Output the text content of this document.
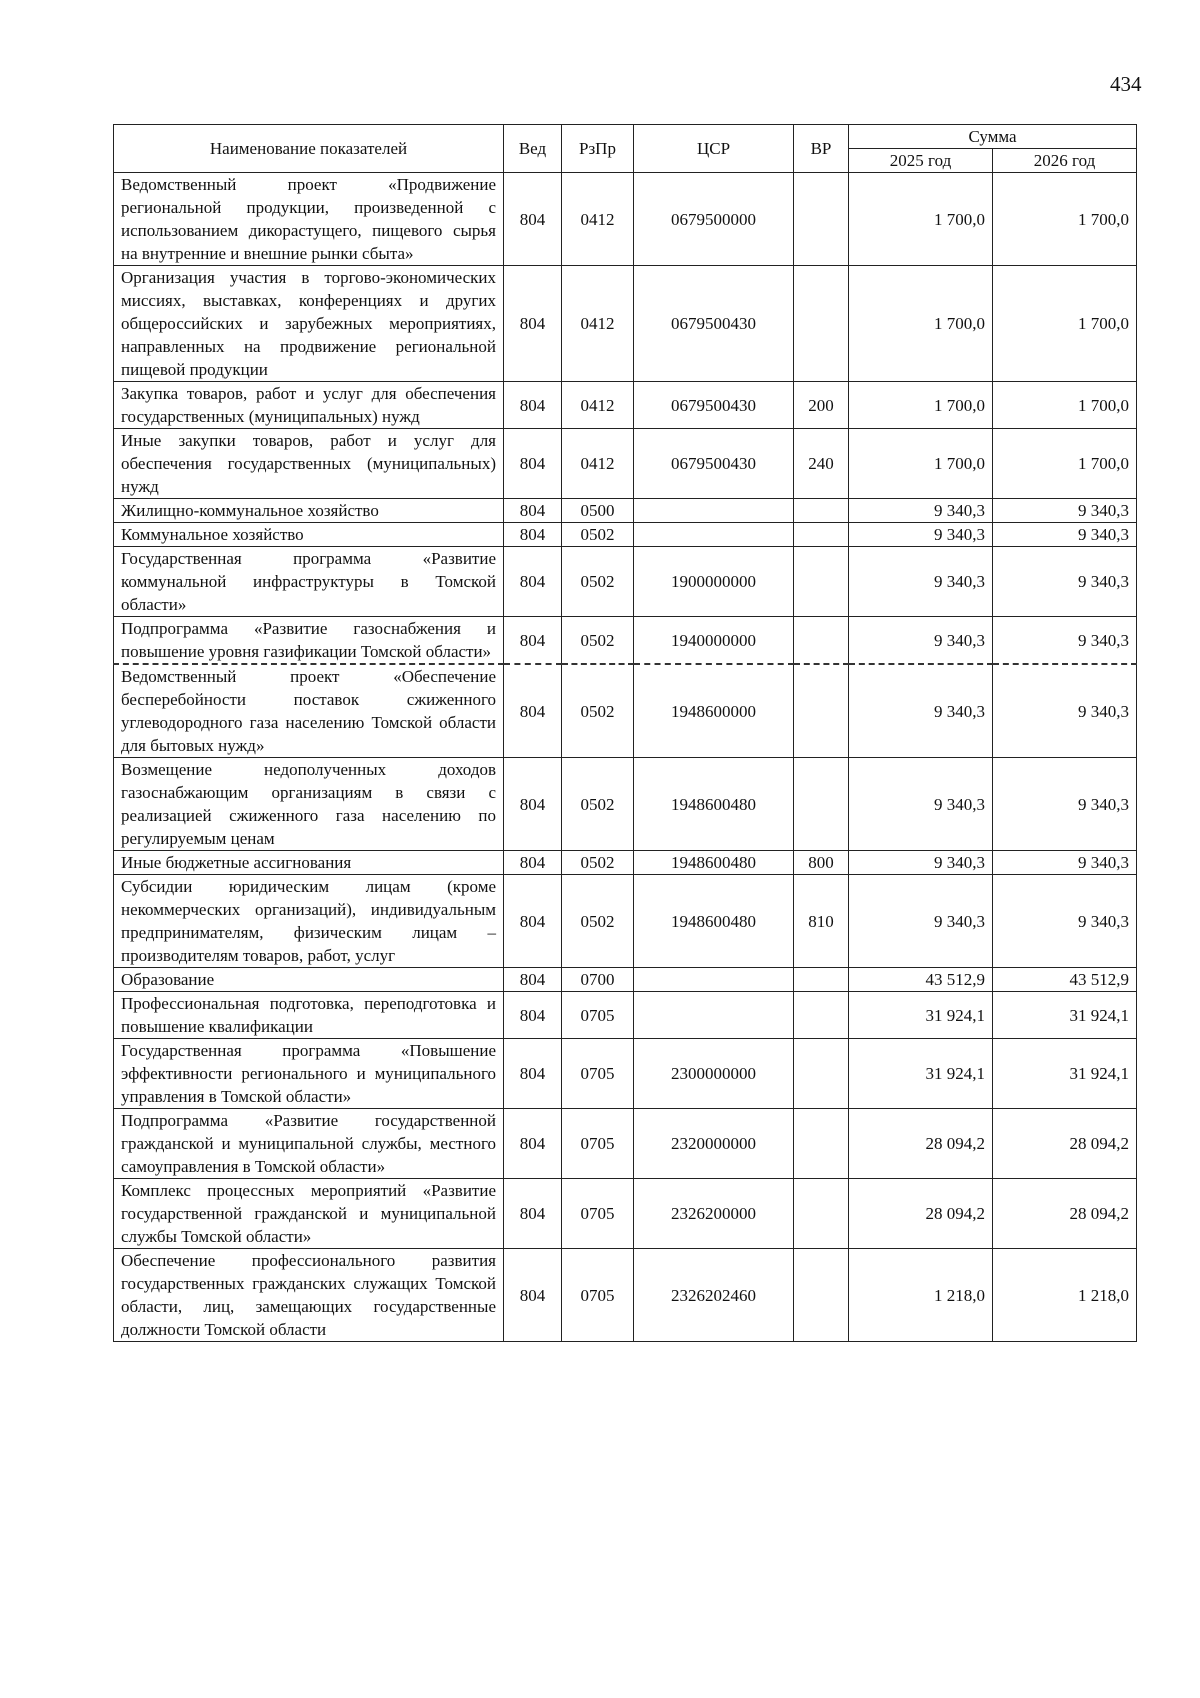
434
Наименование показателей	Вед	РзПр	ЦСР	ВР	Сумма	
					2025 год	2026 год
Ведомственный проект «Продвижение региональной продукции, произведенной с использованием дикорастущего, пищевого сырья на внутренние и внешние рынки сбыта»	804	0412	0679500000		1 700,0	1 700,0
Организация участия в торгово-экономических миссиях, выставках, конференциях и других общероссийских и зарубежных мероприятиях, направленных на продвижение региональной пищевой продукции	804	0412	0679500430		1 700,0	1 700,0
Закупка товаров, работ и услуг для обеспечения государственных (муниципальных) нужд	804	0412	0679500430	200	1 700,0	1 700,0
Иные закупки товаров, работ и услуг для обеспечения государственных (муниципальных) нужд	804	0412	0679500430	240	1 700,0	1 700,0
Жилищно-коммунальное хозяйство	804	0500			9 340,3	9 340,3
Коммунальное хозяйство	804	0502			9 340,3	9 340,3
Государственная программа «Развитие коммунальной инфраструктуры в Томской области»	804	0502	1900000000		9 340,3	9 340,3
Подпрограмма «Развитие газоснабжения и повышение уровня газификации Томской области»	804	0502	1940000000		9 340,3	9 340,3
Ведомственный проект «Обеспечение бесперебойности поставок сжиженного углеводородного газа населению Томской области для бытовых нужд»	804	0502	1948600000		9 340,3	9 340,3
Возмещение недополученных доходов газоснабжающим организациям в связи с реализацией сжиженного газа населению по регулируемым ценам	804	0502	1948600480		9 340,3	9 340,3
Иные бюджетные ассигнования	804	0502	1948600480	800	9 340,3	9 340,3
Субсидии юридическим лицам (кроме некоммерческих организаций), индивидуальным предпринимателям, физическим лицам – производителям товаров, работ, услуг	804	0502	1948600480	810	9 340,3	9 340,3
Образование	804	0700			43 512,9	43 512,9
Профессиональная подготовка, переподготовка и повышение квалификации	804	0705			31 924,1	31 924,1
Государственная программа «Повышение эффективности регионального и муниципального управления в Томской области»	804	0705	2300000000		31 924,1	31 924,1
Подпрограмма «Развитие государственной гражданской и муниципальной службы, местного самоуправления в Томской области»	804	0705	2320000000		28 094,2	28 094,2
Комплекс процессных мероприятий «Развитие государственной гражданской и муниципальной службы Томской области»	804	0705	2326200000		28 094,2	28 094,2
Обеспечение профессионального развития государственных гражданских служащих Томской области, лиц, замещающих государственные должности Томской области	804	0705	2326202460		1 218,0	1 218,0
